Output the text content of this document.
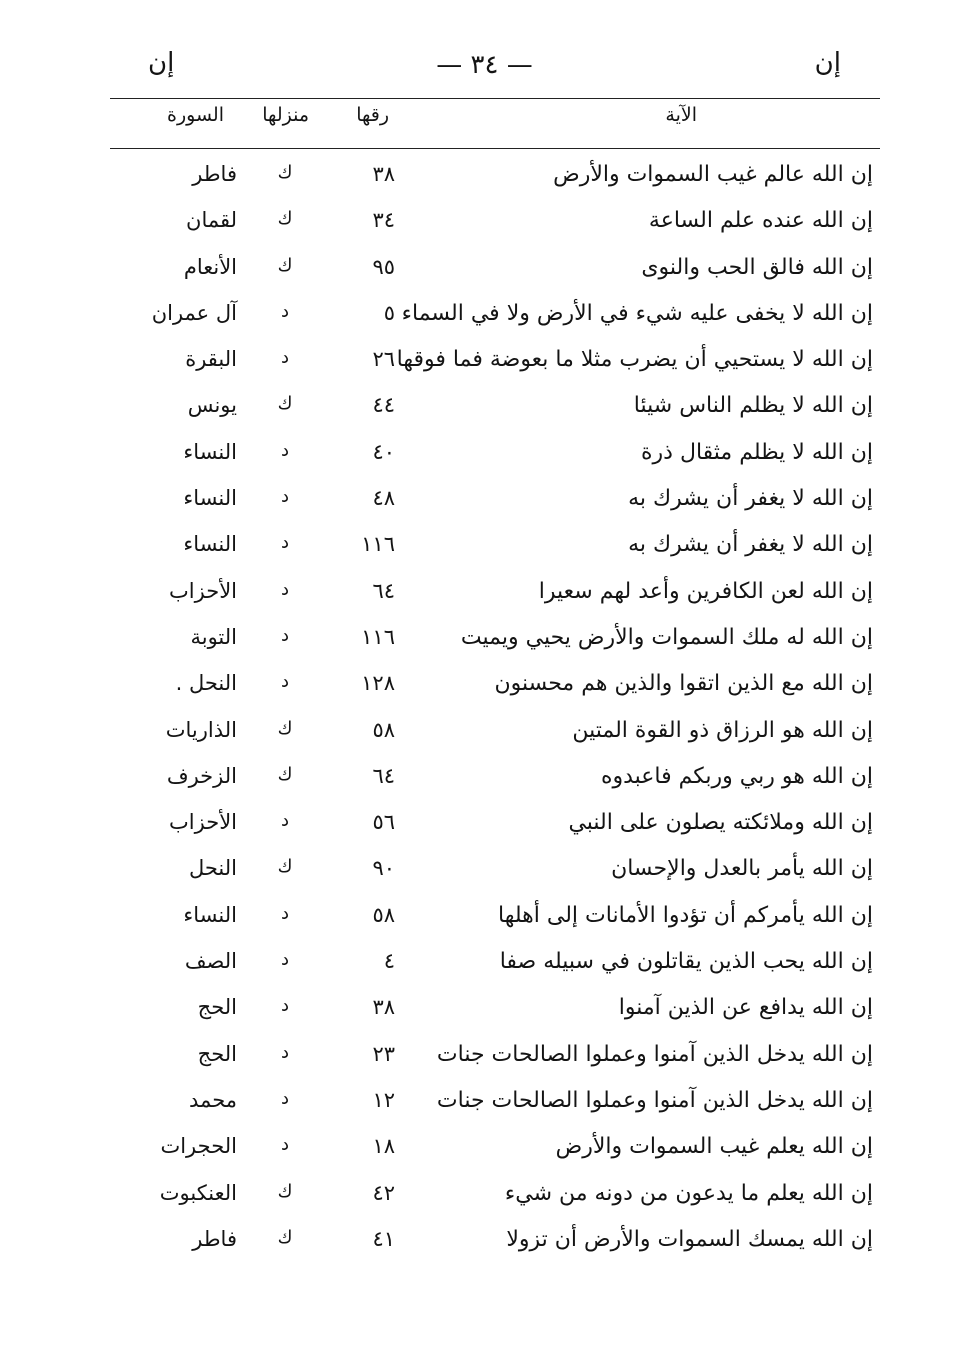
إن
— ٣٤ —
إن
الآية
رقها
منزلها
السورة
إن الله عالم غيب السموات والأرض
٣٨
ك
فاطر
إن الله عنده علم الساعة
٣٤
ك
لقمان
إن الله فالق الحب والنوى
٩٥
ك
الأنعام
إن الله لا يخفى عليه شيء في الأرض ولا في السماء
٥
د
آل عمران
إن الله لا يستحيي أن يضرب مثلا ما بعوضة فما فوقها
٢٦
د
البقرة
إن الله لا يظلم الناس شيئا
٤٤
ك
يونس
إن الله لا يظلم مثقال ذرة
٤٠
د
النساء
إن الله لا يغفر أن يشرك به
٤٨
د
النساء
إن الله لا يغفر أن يشرك به
١١٦
د
النساء
إن الله لعن الكافرين وأعد لهم سعيرا
٦٤
د
الأحزاب
إن الله له ملك السموات والأرض يحيي ويميت
١١٦
د
التوبة
إن الله مع الذين اتقوا والذين هم محسنون
١٢٨
د
النحل .
إن الله هو الرزاق ذو القوة المتين
٥٨
ك
الذاريات
إن الله هو ربي وربكم فاعبدوه
٦٤
ك
الزخرف
إن الله وملائكته يصلون على النبي
٥٦
د
الأحزاب
إن الله يأمر بالعدل والإحسان
٩٠
ك
النحل
إن الله يأمركم أن تؤدوا الأمانات إلى أهلها
٥٨
د
النساء
إن الله يحب الذين يقاتلون في سبيله صفا
٤
د
الصف
إن الله يدافع عن الذين آمنوا
٣٨
د
الحج
إن الله يدخل الذين آمنوا وعملوا الصالحات جنات
٢٣
د
الحج
إن الله يدخل الذين آمنوا وعملوا الصالحات جنات
١٢
د
محمد
إن الله يعلم غيب السموات والأرض
١٨
د
الحجرات
إن الله يعلم ما يدعون من دونه من شيء
٤٢
ك
العنكبوت
إن الله يمسك السموات والأرض أن تزولا
٤١
ك
فاطر
